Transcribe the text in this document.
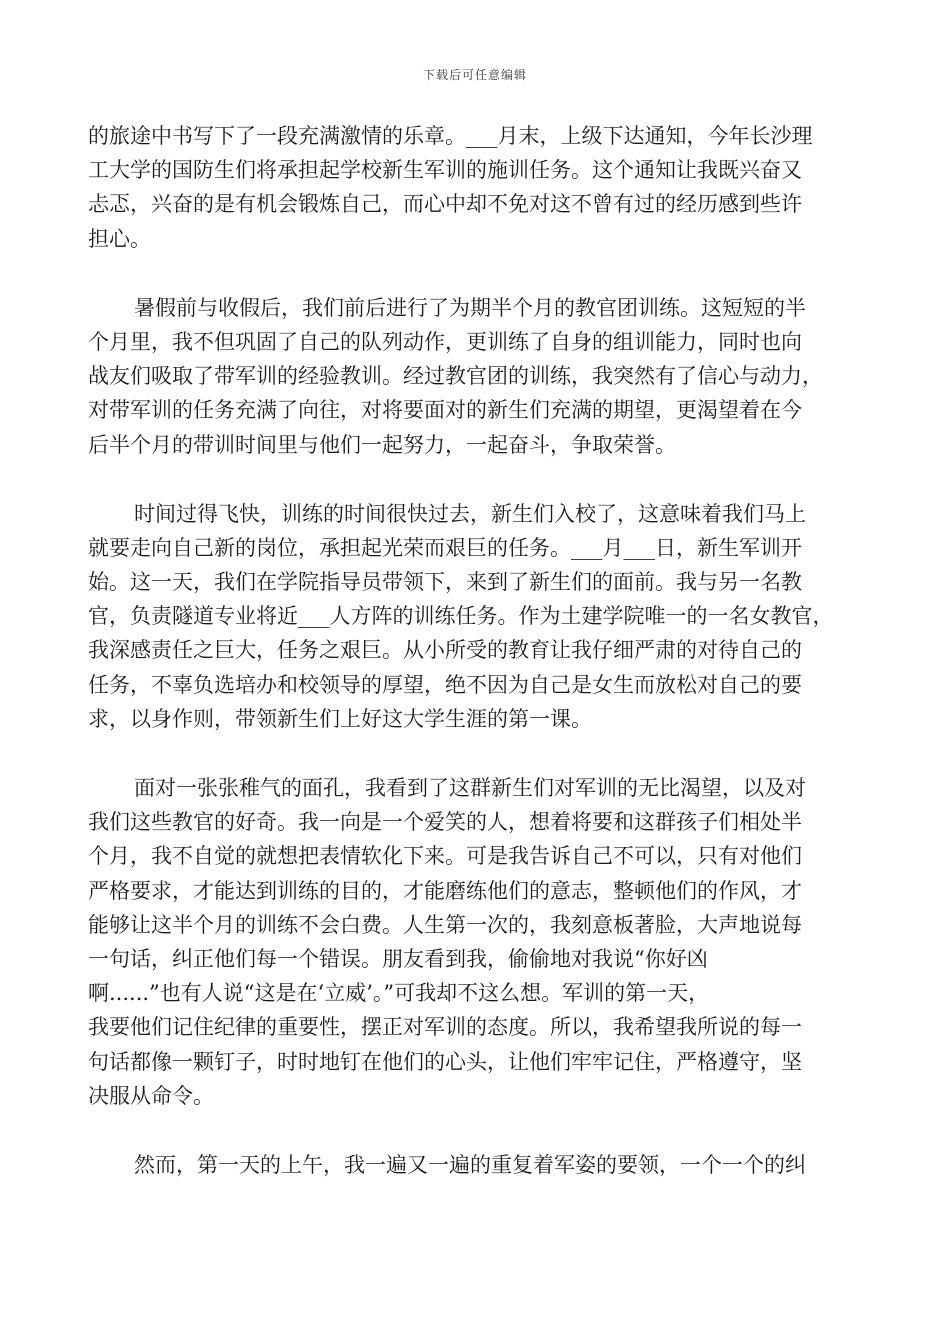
下载后可任意编辑
的旅途中书写下了一段充满激情的乐章。___月末，上级下达通知，今年长沙理
工大学的国防生们将承担起学校新生军训的施训任务。这个通知让我既兴奋又
忐忑，兴奋的是有机会锻炼自己，而心中却不免对这不曾有过的经历感到些许
担心。
暑假前与收假后，我们前后进行了为期半个月的教官团训练。这短短的半
个月里，我不但巩固了自己的队列动作，更训练了自身的组训能力，同时也向
战友们吸取了带军训的经验教训。经过教官团的训练，我突然有了信心与动力，
对带军训的任务充满了向往，对将要面对的新生们充满的期望，更渴望着在今
后半个月的带训时间里与他们一起努力，一起奋斗，争取荣誉。
时间过得飞快，训练的时间很快过去，新生们入校了，这意味着我们马上
就要走向自己新的岗位，承担起光荣而艰巨的任务。___月___日，新生军训开
始。这一天，我们在学院指导员带领下，来到了新生们的面前。我与另一名教
官，负责隧道专业将近___人方阵的训练任务。作为土建学院唯一的一名女教官，
我深感责任之巨大，任务之艰巨。从小所受的教育让我仔细严肃的对待自己的
任务，不辜负选培办和校领导的厚望，绝不因为自己是女生而放松对自己的要
求，以身作则，带领新生们上好这大学生涯的第一课。
面对一张张稚气的面孔，我看到了这群新生们对军训的无比渴望，以及对
我们这些教官的好奇。我一向是一个爱笑的人，想着将要和这群孩子们相处半
个月，我不自觉的就想把表情软化下来。可是我告诉自己不可以，只有对他们
严格要求，才能达到训练的目的，才能磨练他们的意志，整顿他们的作风，才
能够让这半个月的训练不会白费。人生第一次的，我刻意板著脸，大声地说每
一句话，纠正他们每一个错误。朋友看到我，偷偷地对我说“你好凶
啊......”也有人说“这是在‘立威’。”可我却不这么想。军训的第一天，
我要他们记住纪律的重要性，摆正对军训的态度。所以，我希望我所说的每一
句话都像一颗钉子，时时地钉在他们的心头，让他们牢牢记住，严格遵守，坚
决服从命令。
然而，第一天的上午，我一遍又一遍的重复着军姿的要领，一个一个的纠
